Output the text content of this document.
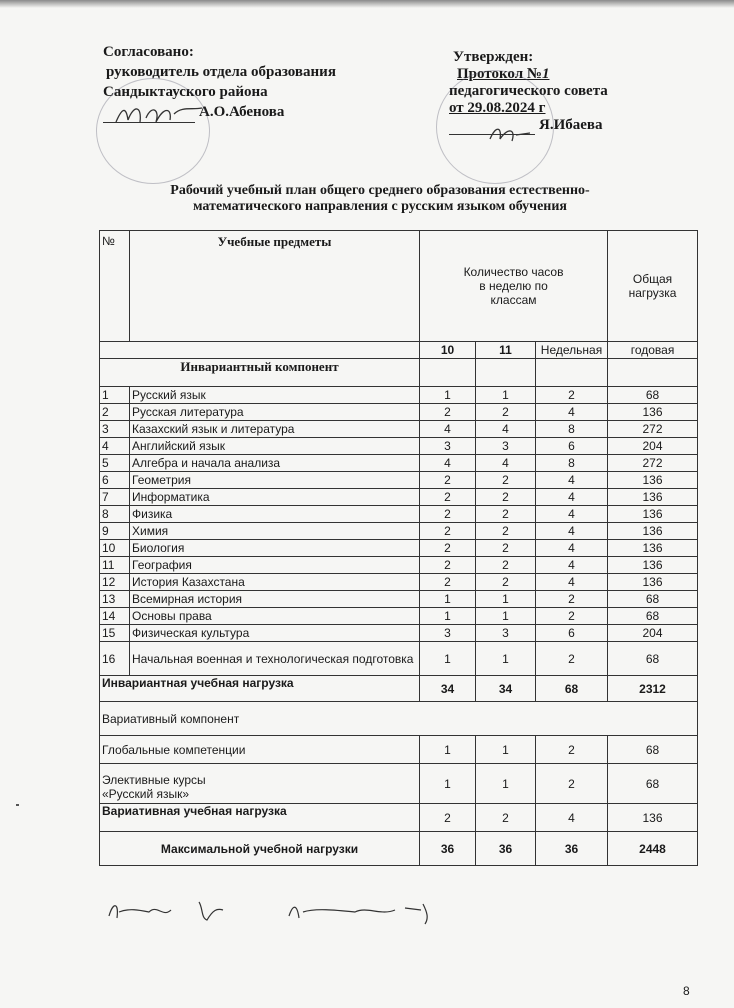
Согласовано:
руководитель отдела образования
Сандыктауского района
А.О.Абенова
Утвержден:
Протокол №1
педагогического совета
от 29.08.2024 г
Я.Ибаева
Рабочий учебный план общего среднего образования естественно-
математического направления с русским языком обучения
№	Учебные предметы	Количество часов в неделю по классам			Общая нагрузка
		10	11	Недельная	годовая
Инвариантный компонент					
1	Русский язык	1	1	2	68
2	Русская литература	2	2	4	136
3	Казахский язык и литература	4	4	8	272
4	Английский язык	3	3	6	204
5	Алгебра и начала анализа	4	4	8	272
6	Геометрия	2	2	4	136
7	Информатика	2	2	4	136
8	Физика	2	2	4	136
9	Химия	2	2	4	136
10	Биология	2	2	4	136
11	География	2	2	4	136
12	История Казахстана	2	2	4	136
13	Всемирная история	1	1	2	68
14	Основы права	1	1	2	68
15	Физическая культура	3	3	6	204
16	Начальная военная и технологическая подготовка	1	1	2	68
Инвариантная учебная нагрузка		34	34	68	2312
Вариативный компонент					
Глобальные компетенции		1	1	2	68

Элективные курсы
«Русский язык»		1	1	2	68
Вариативная учебная нагрузка		2	2	4	136
Максимальной учебной нагрузки		36	36	36	2448
8
